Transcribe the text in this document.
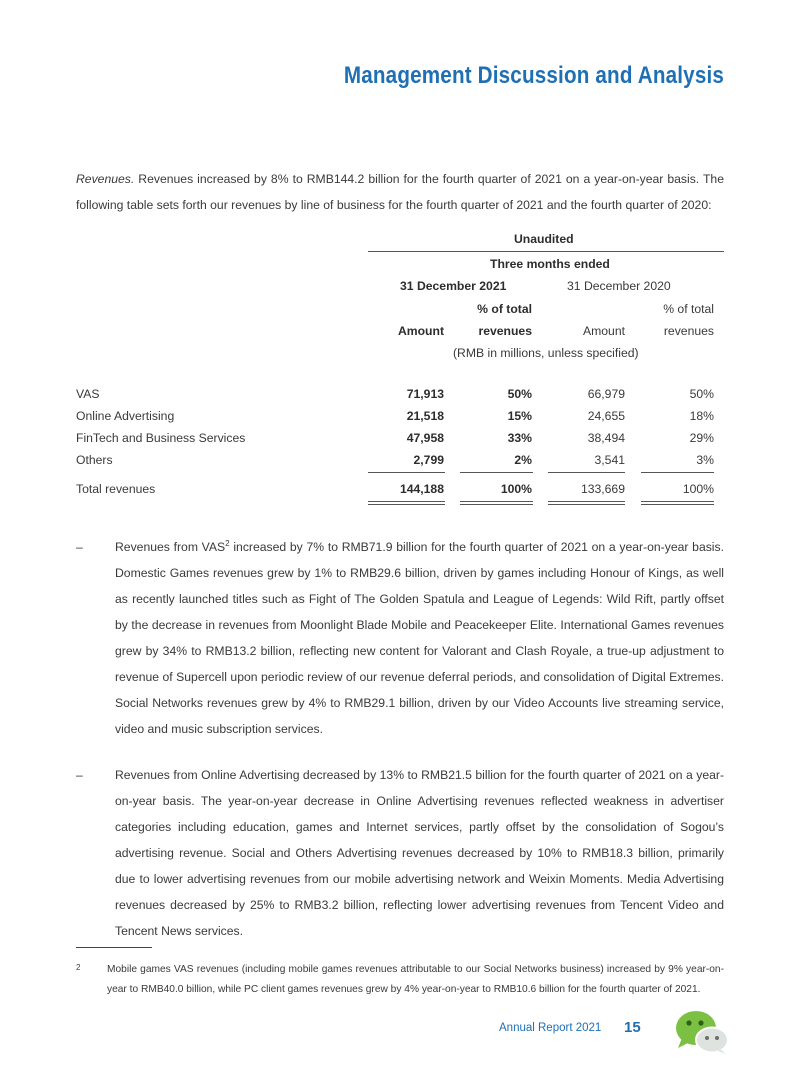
Management Discussion and Analysis

Revenues. Revenues increased by 8% to RMB144.2 billion for the fourth quarter of 2021 on a year-on-year basis. The following table sets forth our revenues by line of business for the fourth quarter of 2021 and the fourth quarter of 2020:

Unaudited
Three months ended
31 December 2021	31 December 2020
% of total	% of total
Amount	revenues	Amount	revenues
(RMB in millions, unless specified)
VAS	71,913	50%	66,979	50%
Online Advertising	21,518	15%	24,655	18%
FinTech and Business Services	47,958	33%	38,494	29%
Others	2,799	2%	3,541	3%
Total revenues	144,188	100%	133,669	100%
–	Revenues from VAS$^2$ increased by 7% to RMB71.9 billion for the fourth quarter of 2021 on a year-on-year basis. Domestic Games revenues grew by 1% to RMB29.6 billion, driven by games including Honour of Kings, as well as recently launched titles such as Fight of The Golden Spatula and League of Legends: Wild Rift, partly offset by the decrease in revenues from Moonlight Blade Mobile and Peacekeeper Elite. International Games revenues grew by 34% to RMB13.2 billion, reflecting new content for Valorant and Clash Royale, a true-up adjustment to revenue of Supercell upon periodic review of our revenue deferral periods, and consolidation of Digital Extremes. Social Networks revenues grew by 4% to RMB29.1 billion, driven by our Video Accounts live streaming service, video and music subscription services.
–	Revenues from Online Advertising decreased by 13% to RMB21.5 billion for the fourth quarter of 2021 on a year-on-year basis. The year-on-year decrease in Online Advertising revenues reflected weakness in advertiser categories including education, games and Internet services, partly offset by the consolidation of Sogou’s advertising revenue. Social and Others Advertising revenues decreased by 10% to RMB18.3 billion, primarily due to lower advertising revenues from our mobile advertising network and Weixin Moments. Media Advertising revenues decreased by 25% to RMB3.2 billion, reflecting lower advertising revenues from Tencent Video and Tencent News services.
2	Mobile games VAS revenues (including mobile games revenues attributable to our Social Networks business) increased by 9% year-on-year to RMB40.0 billion, while PC client games revenues grew by 4% year-on-year to RMB10.6 billion for the fourth quarter of 2021.
Annual Report 2021 15
